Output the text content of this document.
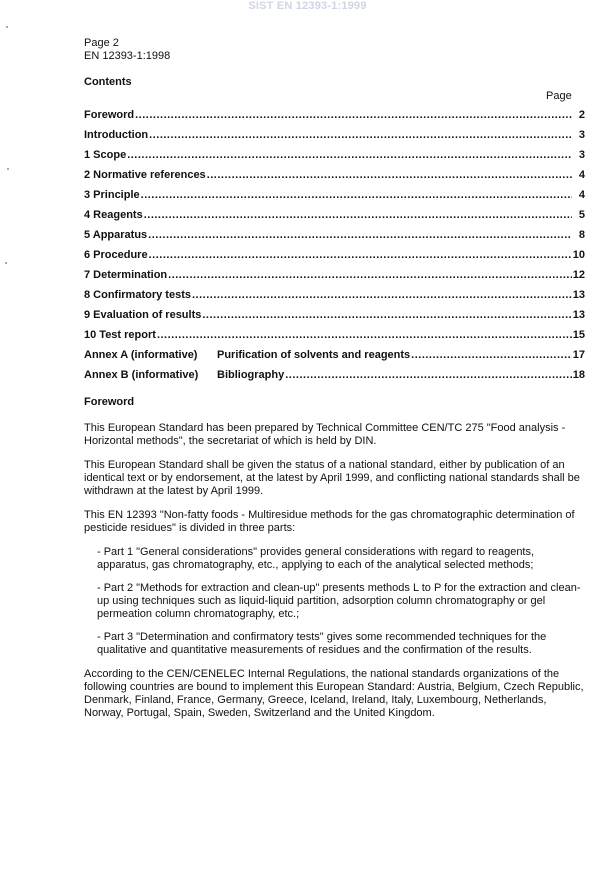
SIST EN 12393-1:1999
Page 2
EN 12393-1:1998
Contents
Page
Foreword .....	2
Introduction .....	3
1 Scope .....	3
2 Normative references .....	4
3 Principle .....	4
4 Reagents .....	5
5 Apparatus .....	8
6 Procedure .....	10
7 Determination .....	12
8 Confirmatory tests .....	13
9 Evaluation of results .....	13
10 Test report .....	15
Annex A (informative)	Purification of solvents and reagents .....	17
Annex B (informative)	Bibliography .....	18
Foreword

This European Standard has been prepared by Technical Committee CEN/TC 275 "Food analysis - Horizontal methods", the secretariat of which is held by DIN.

This European Standard shall be given the status of a national standard, either by publication of an identical text or by endorsement, at the latest by April 1999, and conflicting national standards shall be withdrawn at the latest by April 1999.

This EN 12393 "Non-fatty foods - Multiresidue methods for the gas chromatographic determination of pesticide residues" is divided in three parts:

- Part 1 "General considerations" provides general considerations with regard to reagents, apparatus, gas chromatography, etc., applying to each of the analytical selected methods;

- Part 2 "Methods for extraction and clean-up" presents methods L to P for the extraction and clean-up using techniques such as liquid-liquid partition, adsorption column chromatography or gel permeation column chromatography, etc.;

- Part 3 "Determination and confirmatory tests" gives some recommended techniques for the qualitative and quantitative measurements of residues and the confirmation of the results.

According to the CEN/CENELEC Internal Regulations, the national standards organizations of the following countries are bound to implement this European Standard: Austria, Belgium, Czech Republic, Denmark, Finland, France, Germany, Greece, Iceland, Ireland, Italy, Luxembourg, Netherlands, Norway, Portugal, Spain, Sweden, Switzerland and the United Kingdom.
